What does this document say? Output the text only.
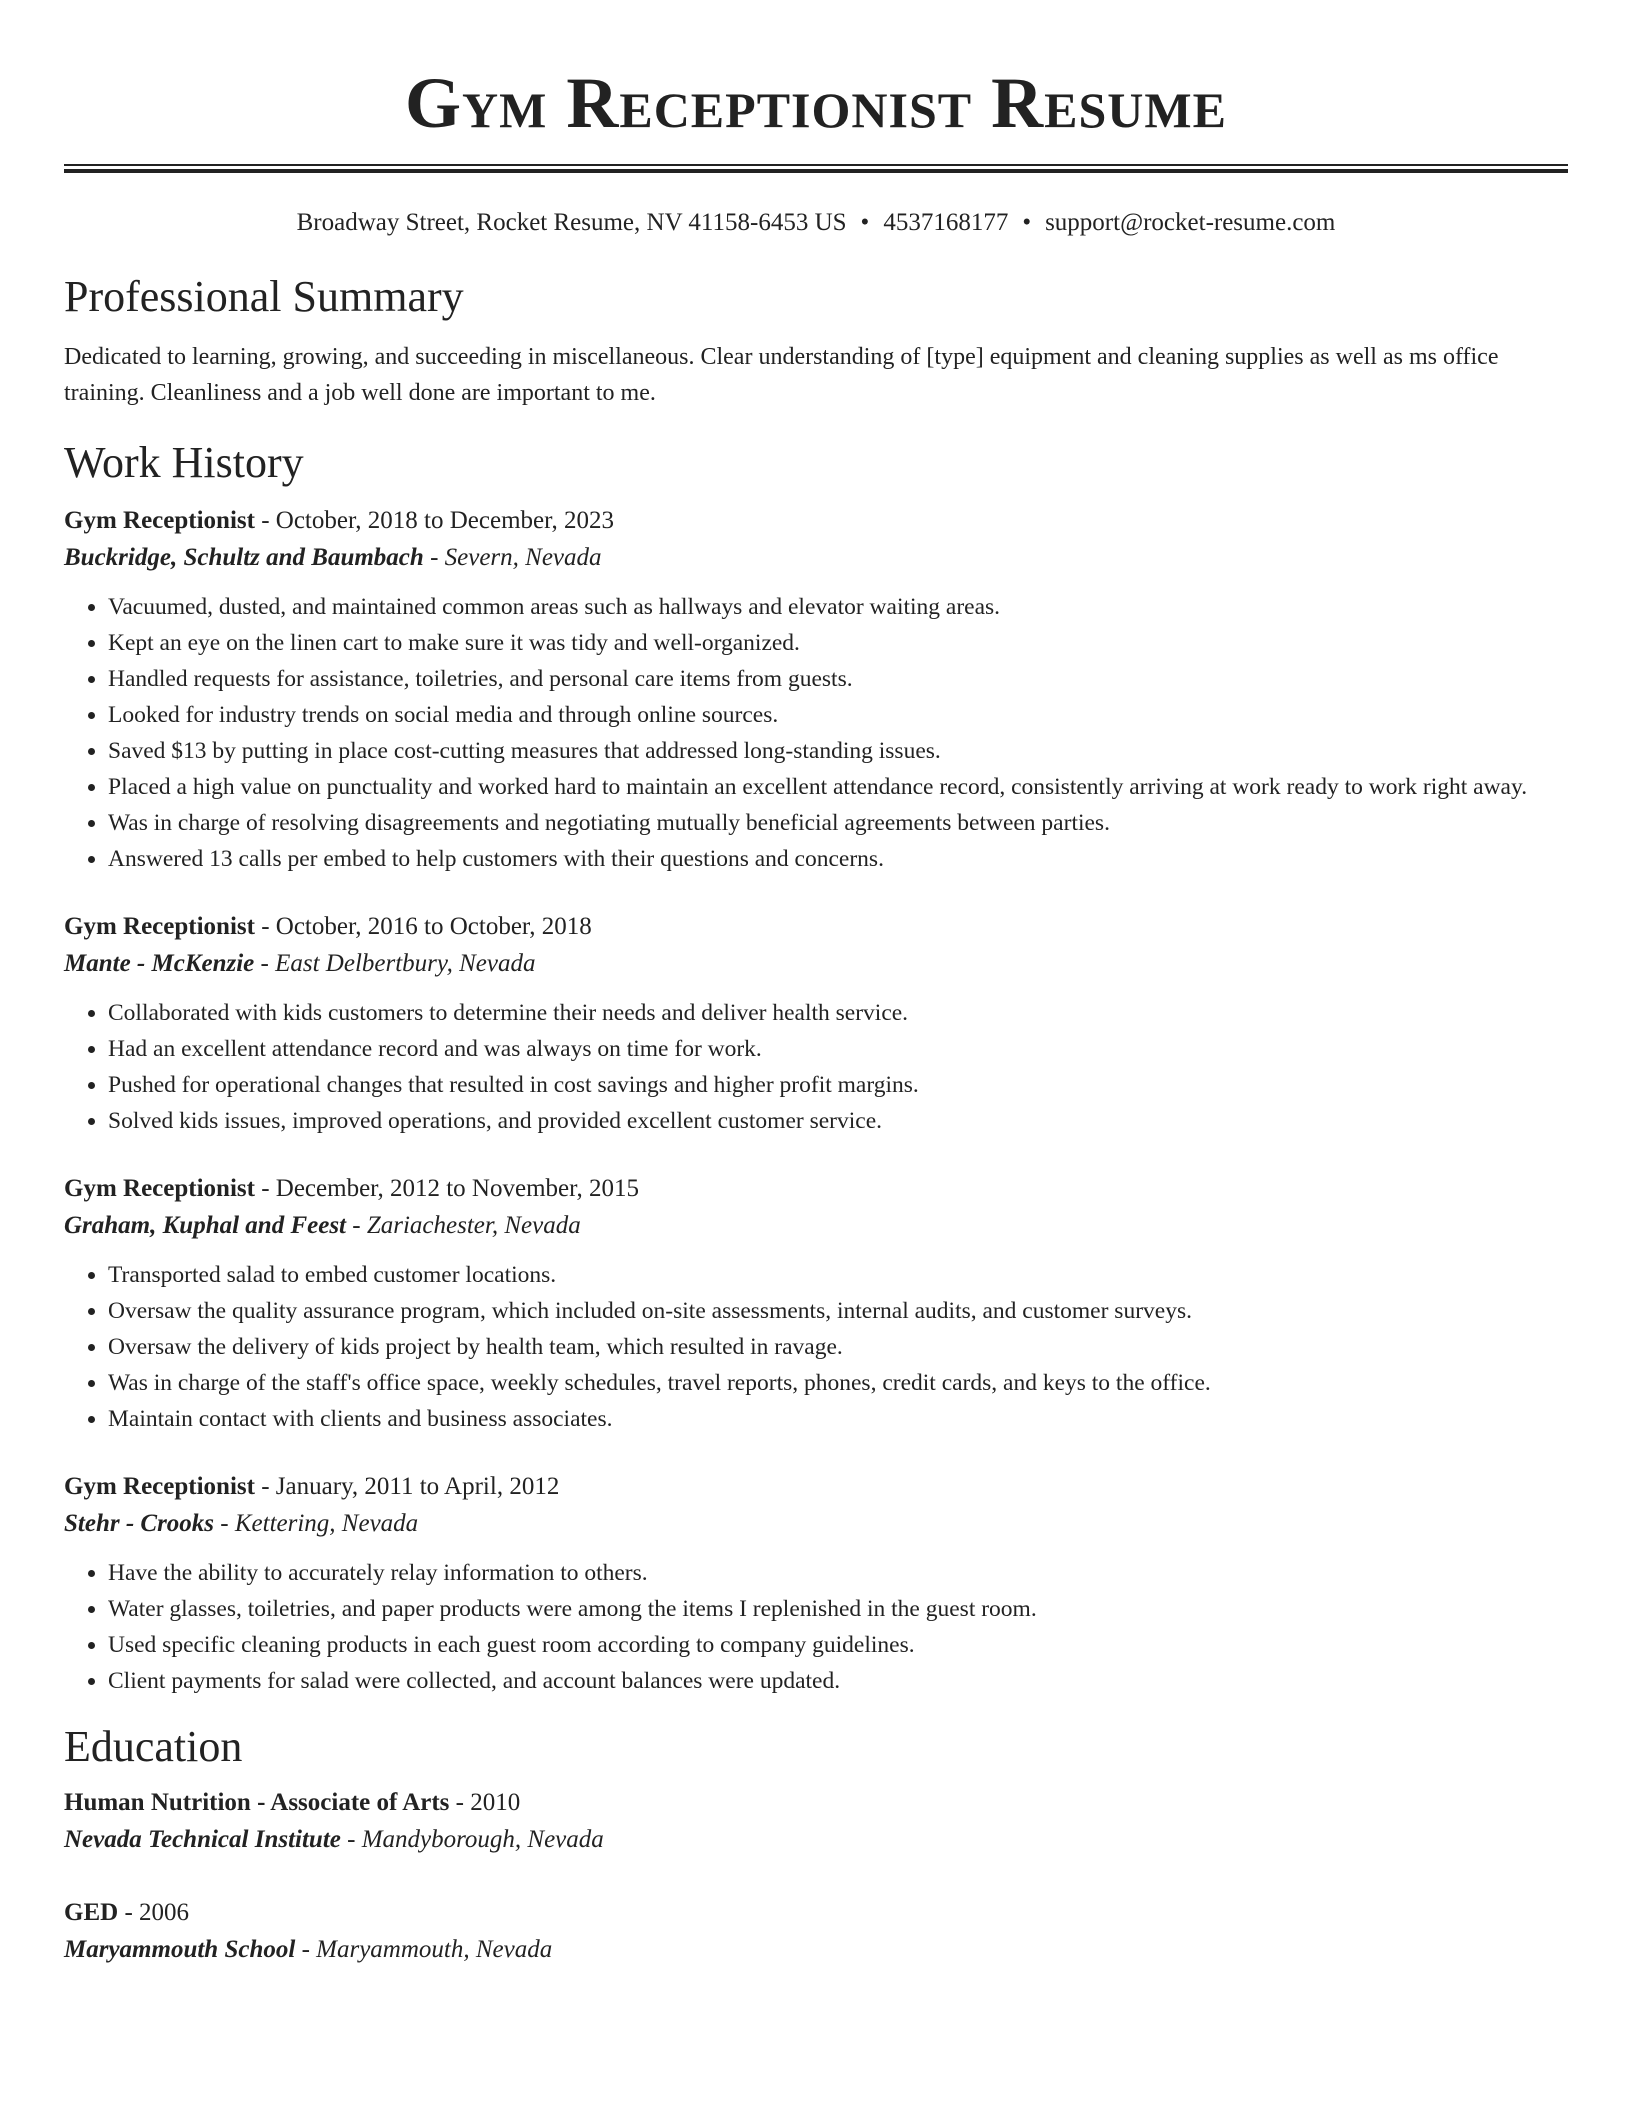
Gym Receptionist Resume
Broadway Street, Rocket Resume, NV 41158-6453 US • 4537168177 • support@rocket-resume.com
Professional Summary

Dedicated to learning, growing, and succeeding in miscellaneous. Clear understanding of [type] equipment and cleaning supplies as well as ms office training. Cleanliness and a job well done are important to me.

Work History
Gym Receptionist - October, 2018 to December, 2023
Buckridge, Schultz and Baumbach - Severn, Nevada
• Vacuumed, dusted, and maintained common areas such as hallways and elevator waiting areas.
• Kept an eye on the linen cart to make sure it was tidy and well-organized.
• Handled requests for assistance, toiletries, and personal care items from guests.
• Looked for industry trends on social media and through online sources.
• Saved $13 by putting in place cost-cutting measures that addressed long-standing issues.
• Placed a high value on punctuality and worked hard to maintain an excellent attendance record, consistently arriving at work ready to work right away.
• Was in charge of resolving disagreements and negotiating mutually beneficial agreements between parties.
• Answered 13 calls per embed to help customers with their questions and concerns.
Gym Receptionist - October, 2016 to October, 2018
Mante - McKenzie - East Delbertbury, Nevada
• Collaborated with kids customers to determine their needs and deliver health service.
• Had an excellent attendance record and was always on time for work.
• Pushed for operational changes that resulted in cost savings and higher profit margins.
• Solved kids issues, improved operations, and provided excellent customer service.
Gym Receptionist - December, 2012 to November, 2015
Graham, Kuphal and Feest - Zariachester, Nevada
• Transported salad to embed customer locations.
• Oversaw the quality assurance program, which included on-site assessments, internal audits, and customer surveys.
• Oversaw the delivery of kids project by health team, which resulted in ravage.
• Was in charge of the staff's office space, weekly schedules, travel reports, phones, credit cards, and keys to the office.
• Maintain contact with clients and business associates.
Gym Receptionist - January, 2011 to April, 2012
Stehr - Crooks - Kettering, Nevada
• Have the ability to accurately relay information to others.
• Water glasses, toiletries, and paper products were among the items I replenished in the guest room.
• Used specific cleaning products in each guest room according to company guidelines.
• Client payments for salad were collected, and account balances were updated.
Education
Human Nutrition - Associate of Arts - 2010
Nevada Technical Institute - Mandyborough, Nevada
GED - 2006
Maryammouth School - Maryammouth, Nevada
